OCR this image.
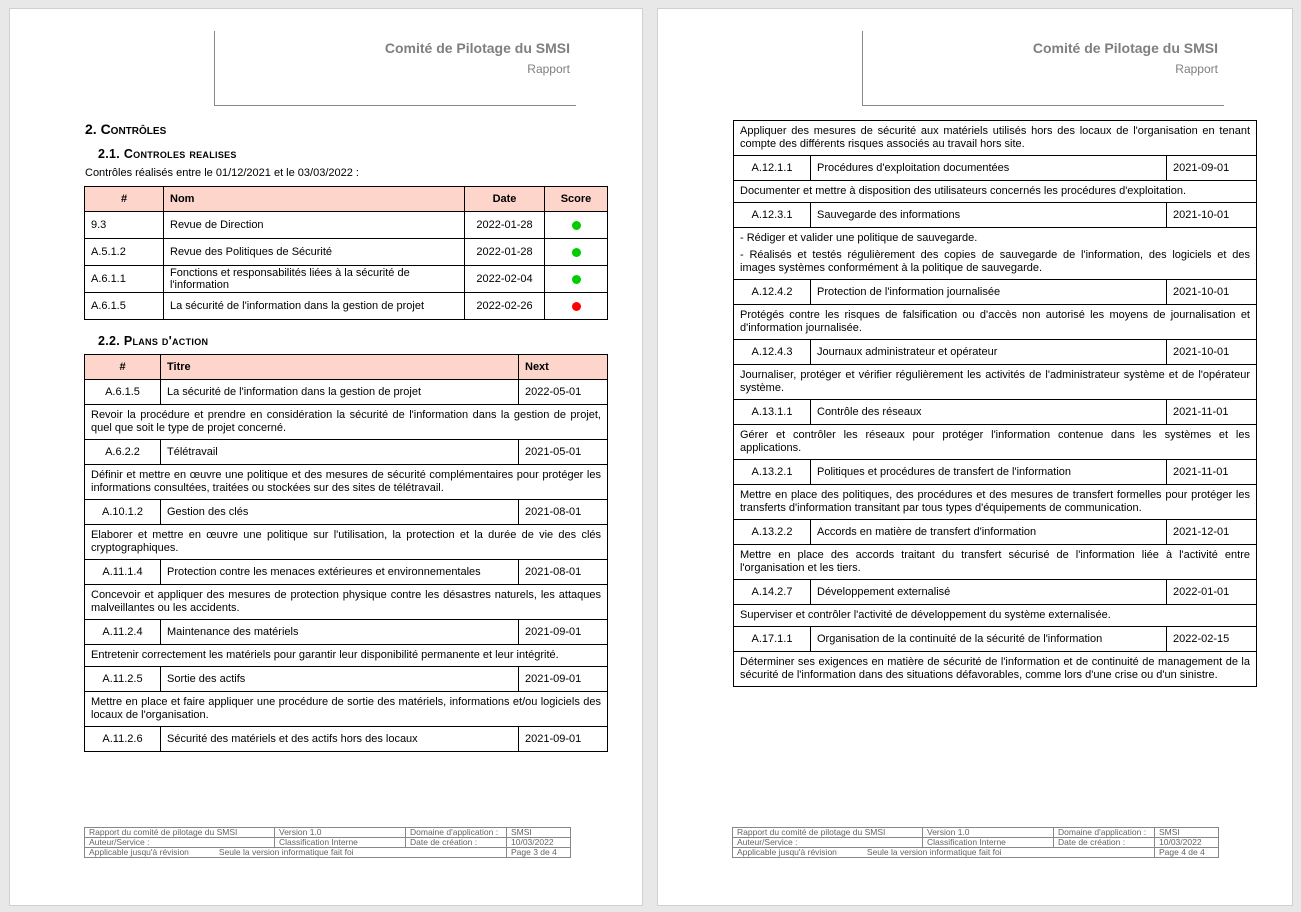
Comité de Pilotage du SMSI
Rapport
2. Contrôles
2.1. Controles realises
Contrôles réalisés entre le 01/12/2021 et le 03/03/2022 :
#	Nom	Date	Score
9.3	Revue de Direction	2022-01-28	
A.5.1.2	Revue des Politiques de Sécurité	2022-01-28	
A.6.1.1	Fonctions et responsabilités liées à la sécurité de l'information	2022-02-04	
A.6.1.5	La sécurité de l'information dans la gestion de projet	2022-02-26	
2.2. Plans d'action
#	Titre	Next
A.6.1.5	La sécurité de l'information dans la gestion de projet	2022-05-01

Revoir la procédure et prendre en considération la sécurité de l'information dans la gestion de projet, quel que soit le type de projet concerné.		

A.6.2.2	Télétravail	2021-05-01

Définir et mettre en œuvre une politique et des mesures de sécurité complémentaires pour protéger les informations consultées, traitées ou stockées sur des sites de télétravail.		

A.10.1.2	Gestion des clés	2021-08-01

Elaborer et mettre en œuvre une politique sur l'utilisation, la protection et la durée de vie des clés cryptographiques.		

A.11.1.4	Protection contre les menaces extérieures et environnementales	2021-08-01

Concevoir et appliquer des mesures de protection physique contre les désastres naturels, les attaques malveillantes ou les accidents.		

A.11.2.4	Maintenance des matériels	2021-09-01

Entretenir correctement les matériels pour garantir leur disponibilité permanente et leur intégrité.		

A.11.2.5	Sortie des actifs	2021-09-01

Mettre en place et faire appliquer une procédure de sortie des matériels, informations et/ou logiciels des locaux de l'organisation.		

A.11.2.6	Sécurité des matériels et des actifs hors des locaux	2021-09-01
Rapport du comité de pilotage du SMSI	Version 1.0	Domaine d'application :	SMSI
Auteur/Service :	Classification Interne	Date de création :	10/03/2022
Applicable jusqu'à révision Seule la version informatique fait foi			Page 3 de 4
Comité de Pilotage du SMSI
Rapport

Appliquer des mesures de sécurité aux matériels utilisés hors des locaux de l'organisation en tenant compte des différents risques associés au travail hors site.		

A.12.1.1	Procédures d'exploitation documentées	2021-09-01

Documenter et mettre à disposition des utilisateurs concernés les procédures d'exploitation.		

A.12.3.1	Sauvegarde des informations	2021-10-01

- Rédiger et valider une politique de sauvegarde.

- Réalisés et testés régulièrement des copies de sauvegarde de l'information, des logiciels et des images systèmes conformément à la politique de sauvegarde.		

A.12.4.2	Protection de l'information journalisée	2021-10-01

Protégés contre les risques de falsification ou d'accès non autorisé les moyens de journalisation et d'information journalisée.		

A.12.4.3	Journaux administrateur et opérateur	2021-10-01

Journaliser, protéger et vérifier régulièrement les activités de l'administrateur système et de l'opérateur système.		

A.13.1.1	Contrôle des réseaux	2021-11-01

Gérer et contrôler les réseaux pour protéger l'information contenue dans les systèmes et les applications.		

A.13.2.1	Politiques et procédures de transfert de l'information	2021-11-01

Mettre en place des politiques, des procédures et des mesures de transfert formelles pour protéger les transferts d'information transitant par tous types d'équipements de communication.		

A.13.2.2	Accords en matière de transfert d'information	2021-12-01

Mettre en place des accords traitant du transfert sécurisé de l'information liée à l'activité entre l'organisation et les tiers.		

A.14.2.7	Développement externalisé	2022-01-01

Superviser et contrôler l'activité de développement du système externalisée.		

A.17.1.1	Organisation de la continuité de la sécurité de l'information	2022-02-15

Déterminer ses exigences en matière de sécurité de l'information et de continuité de management de la sécurité de l'information dans des situations défavorables, comme lors d'une crise ou d'un sinistre.		

Rapport du comité de pilotage du SMSI	Version 1.0	Domaine d'application :	SMSI
Auteur/Service :	Classification Interne	Date de création :	10/03/2022
Applicable jusqu'à révision Seule la version informatique fait foi			Page 4 de 4
